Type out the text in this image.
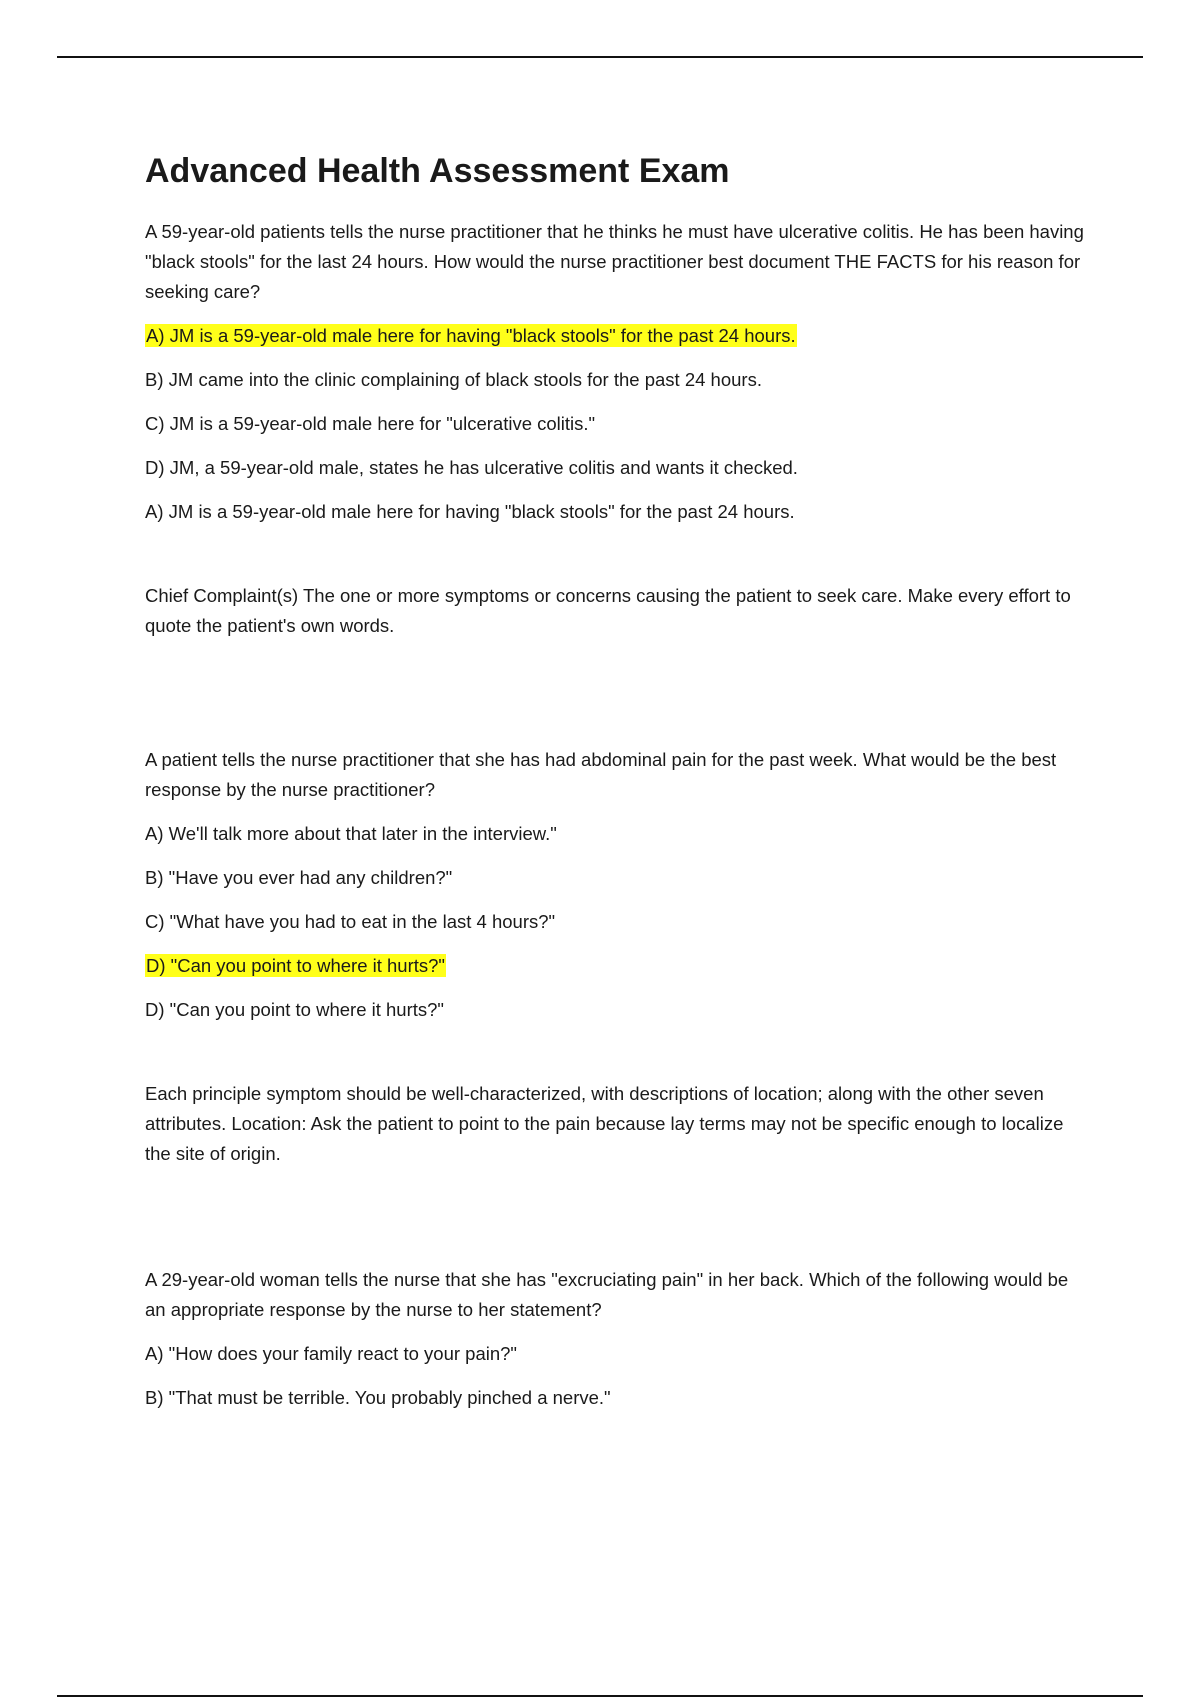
Advanced Health Assessment Exam

A 59-year-old patients tells the nurse practitioner that he thinks he must have ulcerative colitis. He has been having "black stools" for the last 24 hours. How would the nurse practitioner best document THE FACTS for his reason for seeking care?

A) JM is a 59-year-old male here for having "black stools" for the past 24 hours.

B) JM came into the clinic complaining of black stools for the past 24 hours.

C) JM is a 59-year-old male here for "ulcerative colitis."

D) JM, a 59-year-old male, states he has ulcerative colitis and wants it checked.

A) JM is a 59-year-old male here for having "black stools" for the past 24 hours.

Chief Complaint(s) The one or more symptoms or concerns causing the patient to seek care. Make every effort to quote the patient's own words.

A patient tells the nurse practitioner that she has had abdominal pain for the past week. What would be the best response by the nurse practitioner?

A) We'll talk more about that later in the interview."

B) "Have you ever had any children?"

C) "What have you had to eat in the last 4 hours?"

D) "Can you point to where it hurts?"

D) "Can you point to where it hurts?"

Each principle symptom should be well-characterized, with descriptions of location; along with the other seven attributes. Location: Ask the patient to point to the pain because lay terms may not be specific enough to localize the site of origin.

A 29-year-old woman tells the nurse that she has "excruciating pain" in her back. Which of the following would be an appropriate response by the nurse to her statement?

A) "How does your family react to your pain?"

B) "That must be terrible. You probably pinched a nerve."
